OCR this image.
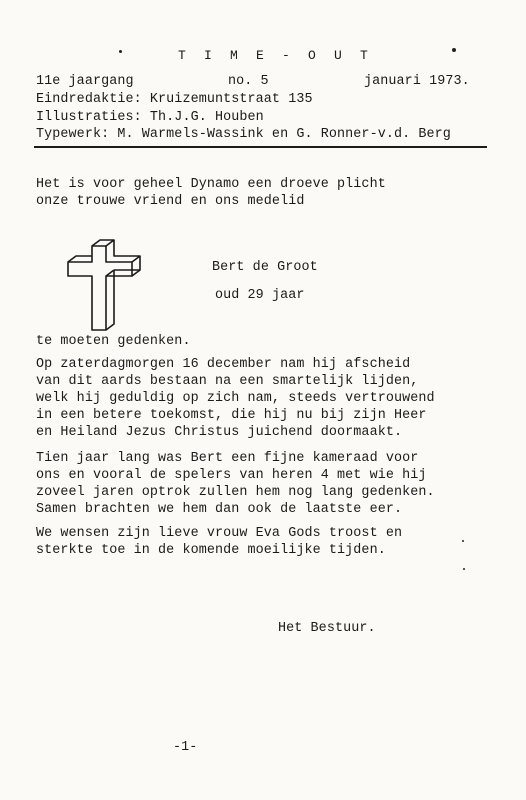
T I M E - O U T
11e jaargang	no. 5	januari 1973.
Eindredaktie: Kruizemuntstraat 135
Illustraties: Th.J.G. Houben
Typewerk: M. Warmels-Wassink en G. Ronner-v.d. Berg
Het is voor geheel Dynamo een droeve plicht
onze trouwe vriend en ons medelid
Bert de Groot
oud 29 jaar
te moeten gedenken.
Op zaterdagmorgen 16 december nam hij afscheid
van dit aards bestaan na een smartelijk lijden,
welk hij geduldig op zich nam, steeds vertrouwend
in een betere toekomst, die hij nu bij zijn Heer
en Heiland Jezus Christus juichend doormaakt.
Tien jaar lang was Bert een fijne kameraad voor
ons en vooral de spelers van heren 4 met wie hij
zoveel jaren optrok zullen hem nog lang gedenken.
Samen brachten we hem dan ook de laatste eer.
We wensen zijn lieve vrouw Eva Gods troost en
sterkte toe in de komende moeilijke tijden.
Het Bestuur.
-1-
